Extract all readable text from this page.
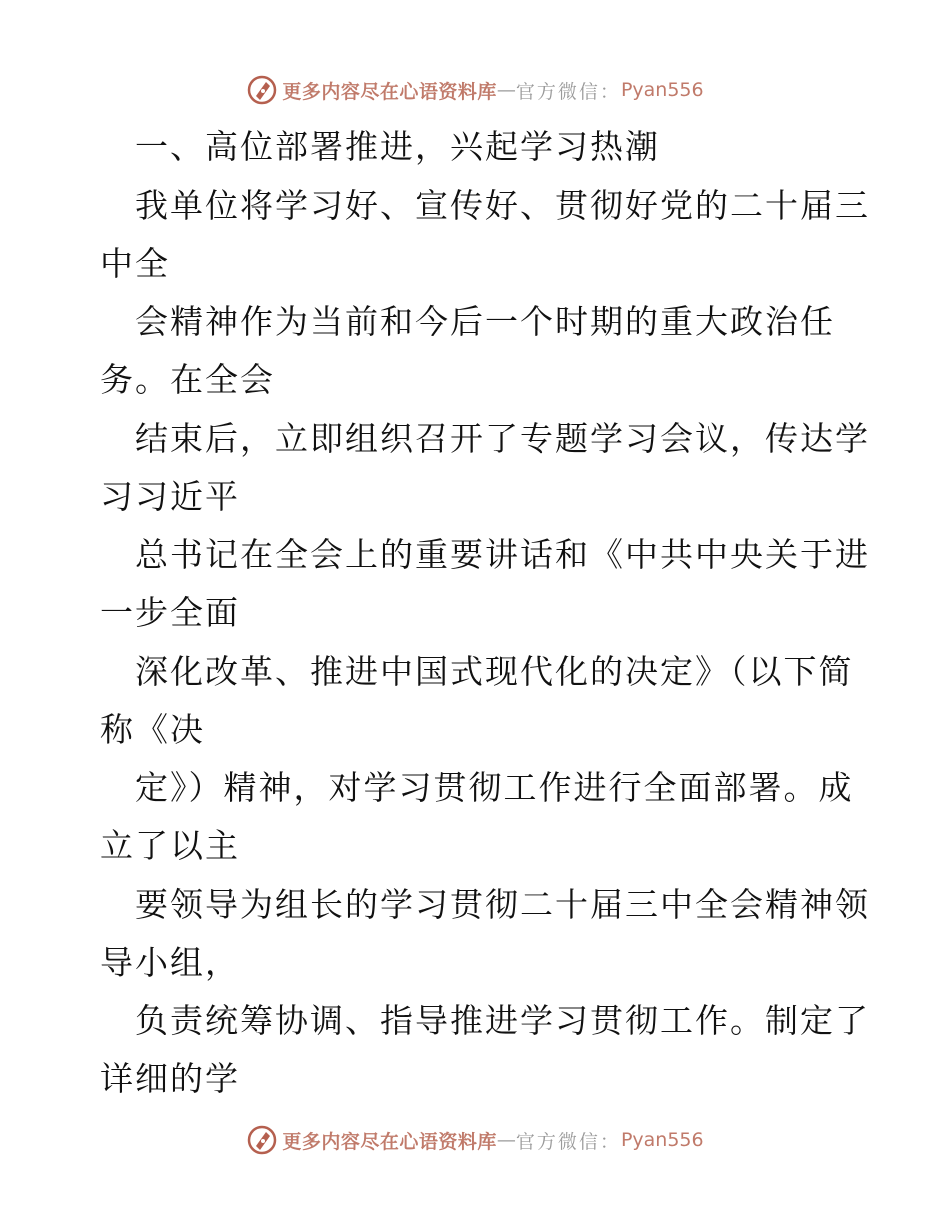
更多内容尽在心语资料库 — 官方微信： Pyan556
一、高位部署推进，兴起学习热潮
我单位将学习好、宣传好、贯彻好党的二十届三
中全
会精神作为当前和今后一个时期的重大政治任
务。在全会
结束后，立即组织召开了专题学习会议，传达学
习习近平
总书记在全会上的重要讲话和《中共中央关于进
一步全面
深化改革、推进中国式现代化的决定》（以下简
称《决
定》）精神，对学习贯彻工作进行全面部署。成
立了以主
要领导为组长的学习贯彻二十届三中全会精神领
导小组，
负责统筹协调、指导推进学习贯彻工作。制定了
详细的学
更多内容尽在心语资料库 — 官方微信： Pyan556
